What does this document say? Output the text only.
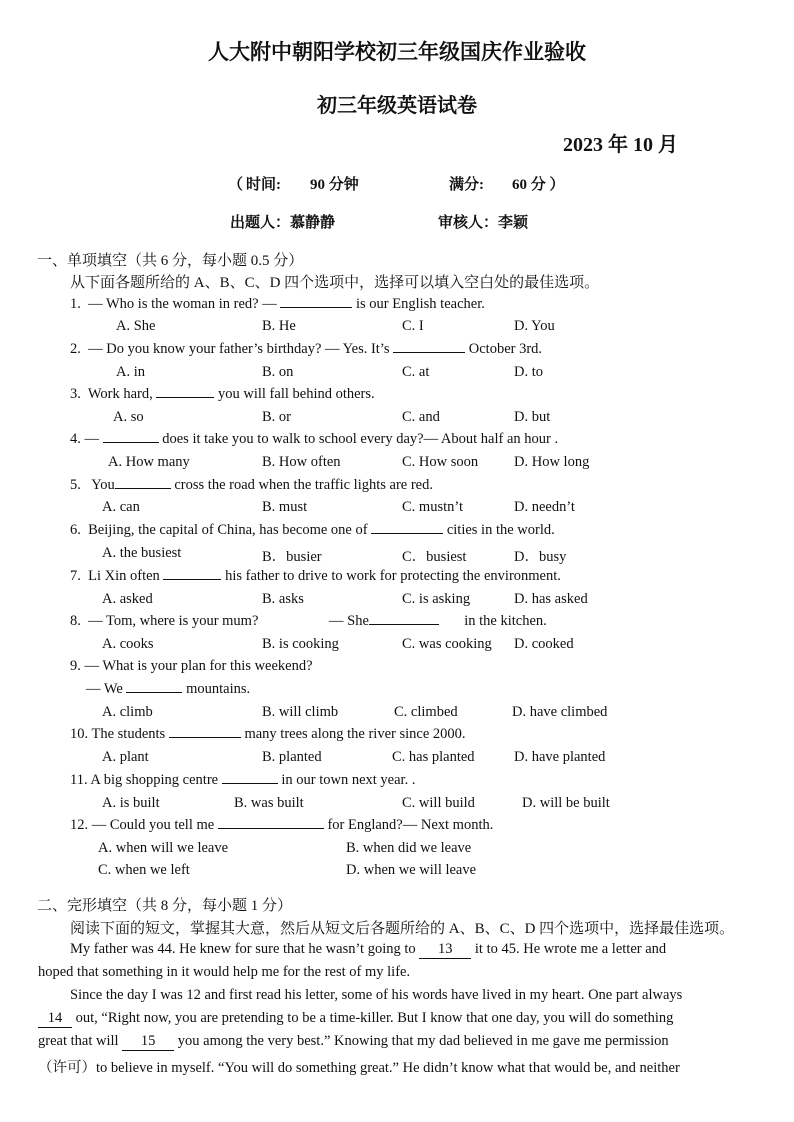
人大附中朝阳学校初三年级国庆作业验收
初三年级英语试卷
2023 年 10 月
（ 时间: 90 分钟	满分: 60 分 ）
出题人：慕静静	审核人：李颖
一、单项填空（共 6 分，每小题 0.5 分）
从下面各题所给的 A、B、C、D 四个选项中，选择可以填入空白处的最佳选项。
1. — Who is the woman in red? —	is our English teacher.
A. She	B. He	C. I	D. You
2. — Do you know your father’s birthday? — Yes. It’s	October 3rd.
A. in	B. on	C. at	D. to
3. Work hard,	you will fall behind others.
A. so	B. or	C. and	D. but
4. —	does it take you to walk to school every day?— About half an hour .
A. How many	B. How often	C. How soon D. How long
5. You	cross the road when the traffic lights are red.
A. can	B. must	C. mustn’t	D. needn’t
6. Beijing, the capital of China, has become one of	cities in the world.
A. the busiest	B．busier	C．busiest	D．busy
7. Li Xin often	his father to drive to work for protecting the environment.
A. asked	B. asks	C. is asking	D. has asked
8. — Tom, where is your mum?	— She	in the kitchen.
A. cooks	B. is cooking	C. was cooking D. cooked
9. — What is your plan for this weekend?
— We	mountains.
A. climb	B. will climb	C. climbed	D. have climbed
10. The students	many trees along the river since 2000.
A. plant	B. planted	C. has planted	D. have planted
11. A big shopping centre	in our town next year. .
A. is built	B. was built	C. will build	D. will be built
12. — Could you tell me	for England?— Next month.
A. when will we leave	B. when did we leave
C. when we left	D. when we will leave
二、完形填空（共 8 分，每小题 1 分）
阅读下面的短文，掌握其大意，然后从短文后各题所给的 A、B、C、D 四个选项中，选择最佳选项。
My father was 44. He knew for sure that he wasn’t going to 13 it to 45. He wrote me a letter and
hoped that something in it would help me for the rest of my life.
Since the day I was 12 and first read his letter, some of his words have lived in my heart. One part always
14 out, “Right now, you are pretending to be a time-killer. But I know that one day, you will do something
great that will 15 you among the very best.” Knowing that my dad believed in me gave me permission
（许可）to believe in myself. “You will do something great.” He didn’t know what that would be, and neither
